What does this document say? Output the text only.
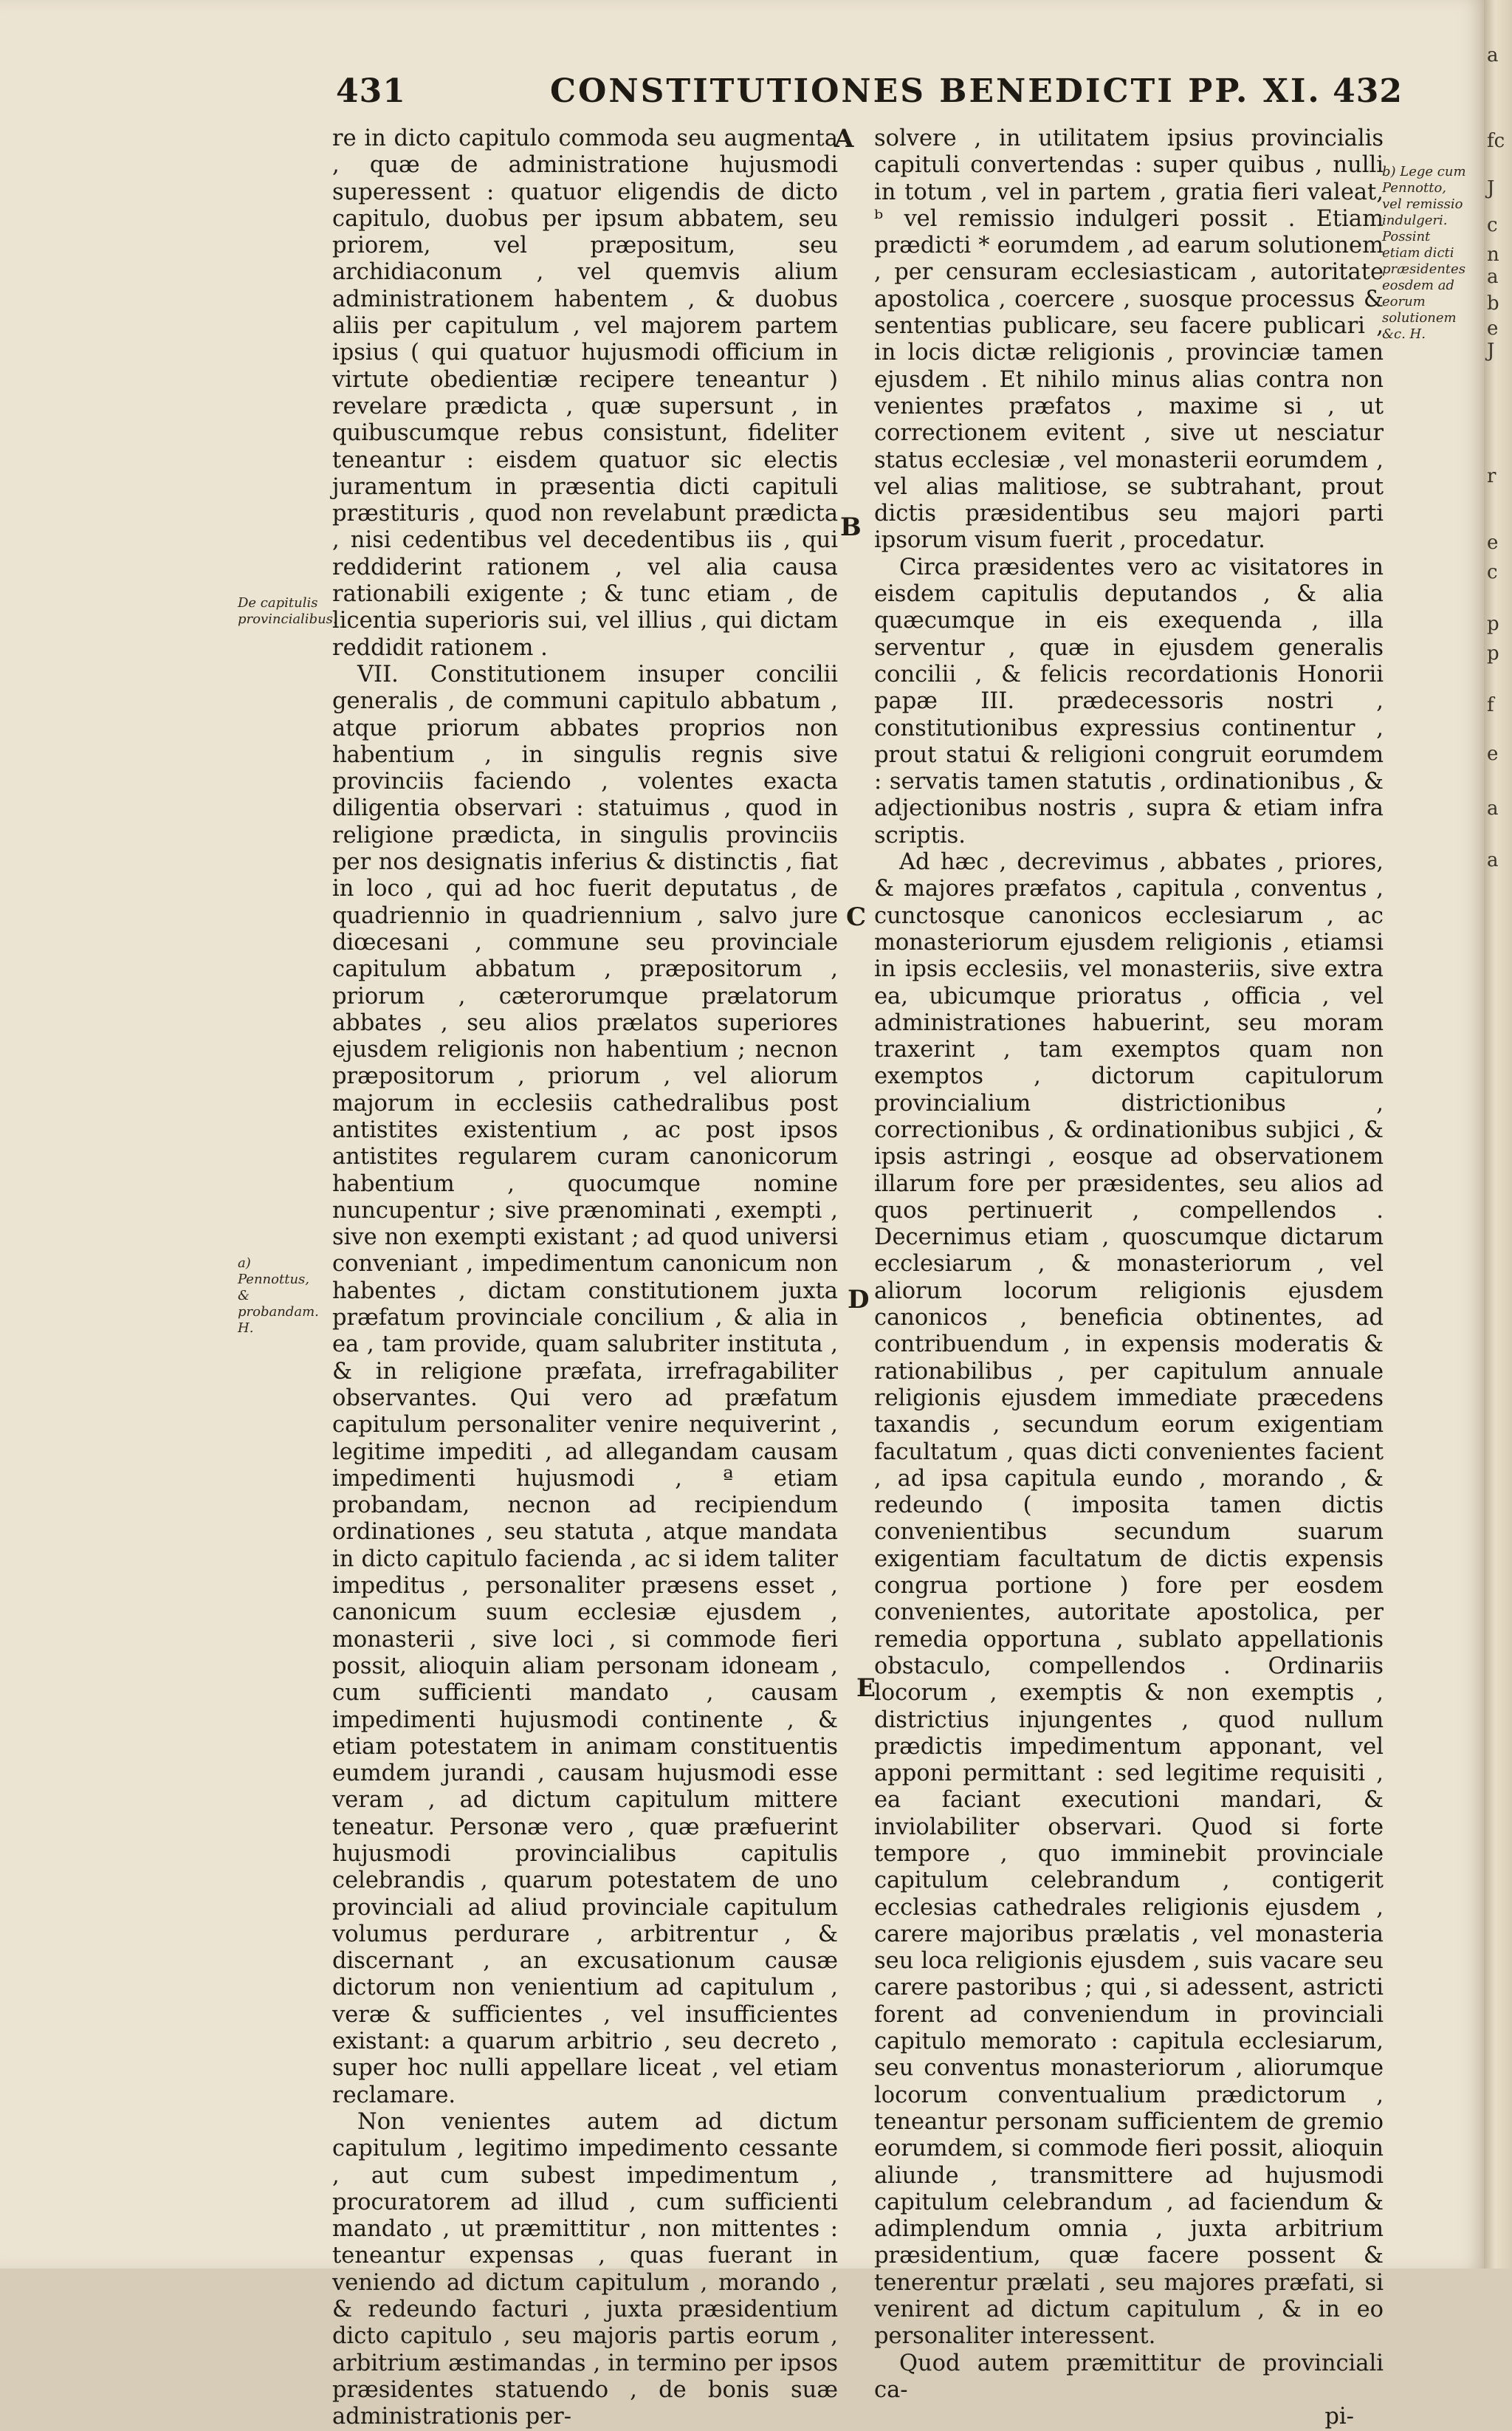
431	CONSTITUTIONES BENEDICTI PP. XI. 432
De capitulis provincialibus.
a) Pennottus, & probandam. H.
b) Lege cum Pennotto, vel remissio indulgeri. Possint etiam dicti præsidentes eosdem ad eorum solutionem &c. H.
A
B
C
D
E

re in dicto capitulo commoda seu augmenta , quæ de administratione hujusmodi superessent : quatuor eligendis de dicto capitulo, duobus per ipsum abbatem, seu priorem, vel præpositum, seu archidiaconum , vel quemvis alium administrationem habentem , & duobus aliis per capitulum , vel majorem partem ipsius ( qui quatuor hujusmodi officium in virtute obedientiæ recipere teneantur ) revelare prædicta , quæ supersunt , in quibuscumque rebus consistunt, fideliter teneantur : eisdem quatuor sic electis juramentum in præsentia dicti capituli præstituris , quod non revelabunt prædicta , nisi cedentibus vel decedentibus iis , qui reddiderint rationem , vel alia causa rationabili exigente ; & tunc etiam , de licentia superioris sui, vel illius , qui dictam reddidit rationem .

VII. Constitutionem insuper concilii generalis , de communi capitulo abbatum , atque priorum abbates proprios non habentium , in singulis regnis sive provinciis faciendo , volentes exacta diligentia observari : statuimus , quod in religione prædicta, in singulis provinciis per nos designatis inferius & distinctis , fiat in loco , qui ad hoc fuerit deputatus , de quadriennio in quadriennium , salvo jure diœcesani , commune seu provinciale capitulum abbatum , præpositorum , priorum , cæterorumque prælatorum abbates , seu alios prælatos superiores ejusdem religionis non habentium ; necnon præpositorum , priorum , vel aliorum majorum in ecclesiis cathedralibus post antistites existentium , ac post ipsos antistites regularem curam canonicorum habentium , quocumque nomine nuncupentur ; sive prænominati , exempti , sive non exempti existant ; ad quod universi conveniant , impedimentum canonicum non habentes , dictam constitutionem juxta præfatum provinciale concilium , & alia in ea , tam provide, quam salubriter instituta , & in religione præfata, irrefragabiliter observantes. Qui vero ad præfatum capitulum personaliter venire nequiverint , legitime impediti , ad allegandam causam impedimenti hujusmodi , ª etiam probandam, necnon ad recipiendum ordinationes , seu statuta , atque mandata in dicto capitulo facienda , ac si idem taliter impeditus , personaliter præsens esset , canonicum suum ecclesiæ ejusdem , monasterii , sive loci , si commode fieri possit, alioquin aliam personam idoneam , cum sufficienti mandato , causam impedimenti hujusmodi continente , & etiam potestatem in animam constituentis eumdem jurandi , causam hujusmodi esse veram , ad dictum capitulum mittere teneatur. Personæ vero , quæ præfuerint hujusmodi provincialibus capitulis celebrandis , quarum potestatem de uno provinciali ad aliud provinciale capitulum volumus perdurare , arbitrentur , & discernant , an excusationum causæ dictorum non venientium ad capitulum , veræ & sufficientes , vel insufficientes existant: a quarum arbitrio , seu decreto , super hoc nulli appellare liceat , vel etiam reclamare.

Non venientes autem ad dictum capitulum , legitimo impedimento cessante , aut cum subest impedimentum , procuratorem ad illud , cum sufficienti mandato , ut præmittitur , non mittentes : teneantur expensas , quas fuerant in veniendo ad dictum capitulum , morando , & redeundo facturi , juxta præsidentium dicto capitulo , seu majoris partis eorum , arbitrium æstimandas , in termino per ipsos præsidentes statuendo , de bonis suæ administrationis per-

solvere , in utilitatem ipsius provincialis capituli convertendas : super quibus , nulli in totum , vel in partem , gratia fieri valeat, ᵇ vel remissio indulgeri possit . Etiam prædicti * eorumdem , ad earum solutionem , per censuram ecclesiasticam , autoritate apostolica , coercere , suosque processus & sententias publicare, seu facere publicari , in locis dictæ religionis , provinciæ tamen ejusdem . Et nihilo minus alias contra non venientes præfatos , maxime si , ut correctionem evitent , sive ut nesciatur status ecclesiæ , vel monasterii eorumdem , vel alias malitiose, se subtrahant, prout dictis præsidentibus seu majori parti ipsorum visum fuerit , procedatur.

Circa præsidentes vero ac visitatores in eisdem capitulis deputandos , & alia quæcumque in eis exequenda , illa serventur , quæ in ejusdem generalis concilii , & felicis recordationis Honorii papæ III. prædecessoris nostri , constitutionibus expressius continentur , prout statui & religioni congruit eorumdem : servatis tamen statutis , ordinationibus , & adjectionibus nostris , supra & etiam infra scriptis.

Ad hæc , decrevimus , abbates , priores, & majores præfatos , capitula , conventus , cunctosque canonicos ecclesiarum , ac monasteriorum ejusdem religionis , etiamsi in ipsis ecclesiis, vel monasteriis, sive extra ea, ubicumque prioratus , officia , vel administrationes habuerint, seu moram traxerint , tam exemptos quam non exemptos , dictorum capitulorum provincialium districtionibus , correctionibus , & ordinationibus subjici , & ipsis astringi , eosque ad observationem illarum fore per præsidentes, seu alios ad quos pertinuerit , compellendos . Decernimus etiam , quoscumque dictarum ecclesiarum , & monasteriorum , vel aliorum locorum religionis ejusdem canonicos , beneficia obtinentes, ad contribuendum , in expensis moderatis & rationabilibus , per capitulum annuale religionis ejusdem immediate præcedens taxandis , secundum eorum exigentiam facultatum , quas dicti convenientes facient , ad ipsa capitula eundo , morando , & redeundo ( imposita tamen dictis convenientibus secundum suarum exigentiam facultatum de dictis expensis congrua portione ) fore per eosdem convenientes, autoritate apostolica, per remedia opportuna , sublato appellationis obstaculo, compellendos . Ordinariis locorum , exemptis & non exemptis , districtius injungentes , quod nullum prædictis impedimentum apponant, vel apponi permittant : sed legitime requisiti , ea faciant executioni mandari, & inviolabiliter observari. Quod si forte tempore , quo imminebit provinciale capitulum celebrandum , contigerit ecclesias cathedrales religionis ejusdem , carere majoribus prælatis , vel monasteria seu loca religionis ejusdem , suis vacare seu carere pastoribus ; qui , si adessent, astricti forent ad conveniendum in provinciali capitulo memorato : capitula ecclesiarum, seu conventus monasteriorum , aliorumque locorum conventualium prædictorum , teneantur personam sufficientem de gremio eorumdem, si commode fieri possit, alioquin aliunde , transmittere ad hujusmodi capitulum celebrandum , ad faciendum & adimplendum omnia , juxta arbitrium præsidentium, quæ facere possent & tenerentur prælati , seu majores præfati, si venirent ad dictum capitulum , & in eo personaliter interessent.

Quod autem præmittitur de provinciali ca-

pi-

a
fc
J
c
n
a
b
e
J
r
e
c
p
p
f
e
a
a
